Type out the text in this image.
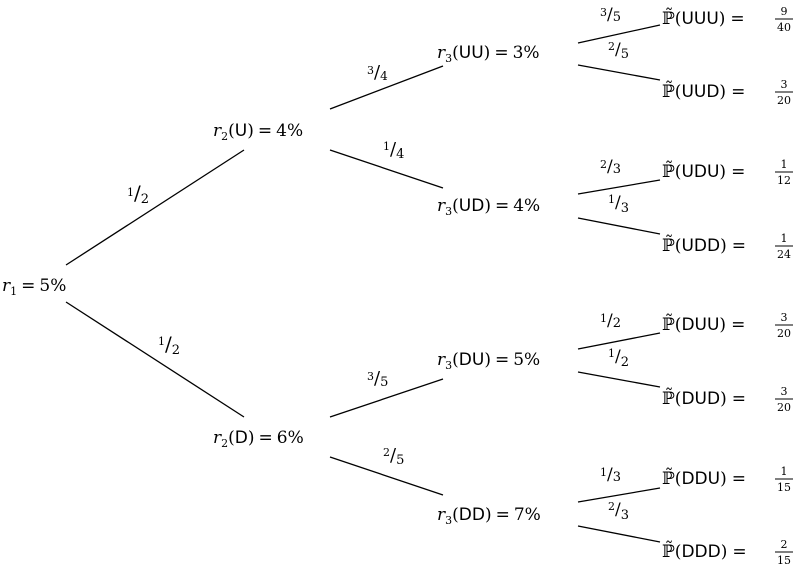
$r_1 = 5\%$
$r_2(U) = 4\%$
$r_2(D) = 6\%$
$r_3(UU) = 3\%$
$r_3(UD) = 4\%$
$r_3(DU) = 5\%$
$r_3(DD) = 7\%$
1/2
1/2
3/4
1/4
3/5
2/5
3/5
2/5
2/3
1/3
1/2
1/2
1/3
2/3
ℙ̃(UUU) =	9
40
ℙ̃(UUD) =	3
20
ℙ̃(UDU) =	1
12
ℙ̃(UDD) =	1
24
ℙ̃(DUU) =	3
20
ℙ̃(DUD) =	3
20
ℙ̃(DDU) =	1
15
ℙ̃(DDD) =	2
15
